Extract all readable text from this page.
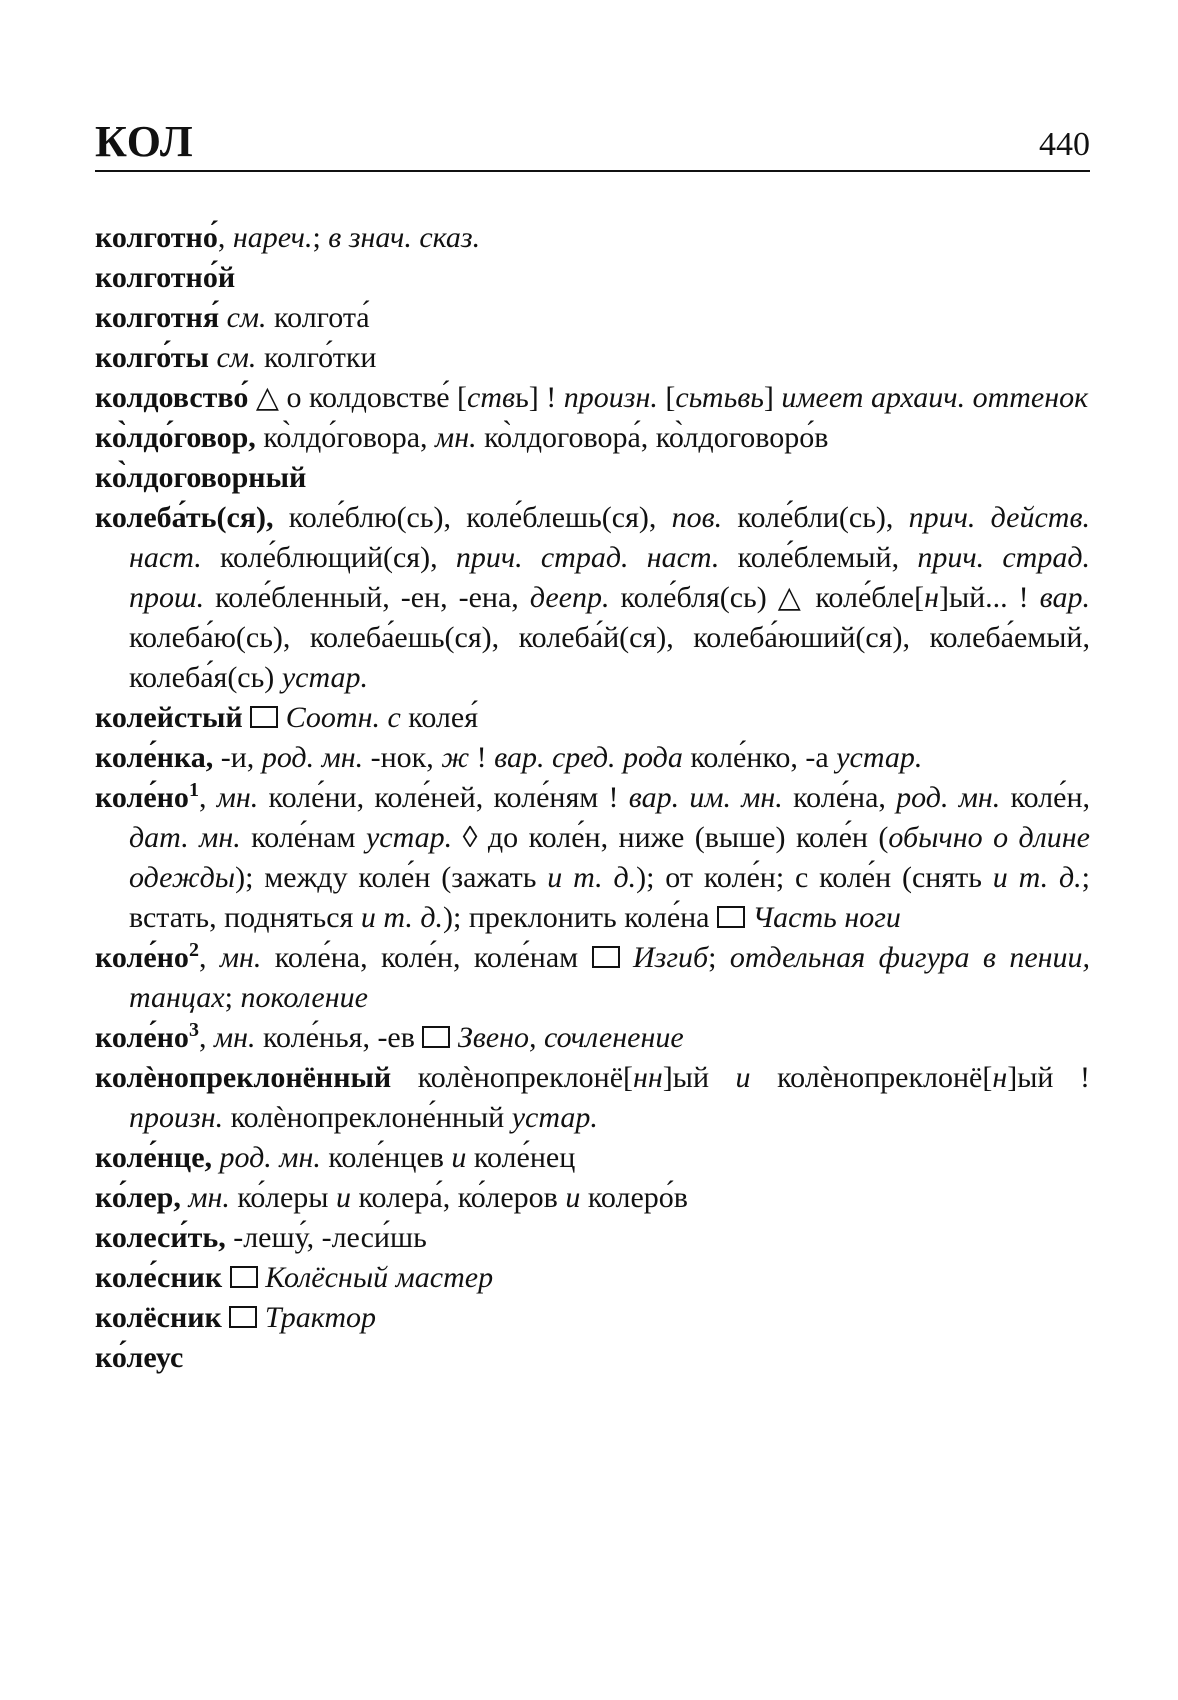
КОЛ	440

колготно́, нареч.; в знач. сказ.

колготно́й

колготня́ см. колгота́

колго́ты см. колго́тки

колдовство́ △ о колдовстве́ [ствь] ! произн. [сьтьвь] имеет архаич. оттенок

ко̀лдо́говор, ко̀лдо́говора, мн. ко̀лдоговора́, ко̀лдоговоро́в

ко̀лдоговорный

колеба́ть(ся), коле́блю(сь), коле́блешь(ся), пов. коле́бли(сь), прич. действ. наст. коле́блющий(ся), прич. страд. наст. коле́блемый, прич. страд. прош. коле́бленный, -ен, -ена, деепр. коле́бля(сь) △ коле́бле[н]ый... ! вар. колеба́ю(сь), колеба́ешь(ся), колеба́й(ся), колеба́юший(ся), колеба́емый, колеба́я(сь) устар.

колейстый Соотн. с колея́

коле́нка, -и, род. мн. -нок, ж ! вар. сред. рода коле́нко, -а устар.

$коле́но^1$, мн. коле́ни, коле́ней, коле́ням ! вар. им. мн. коле́на, род. мн. коле́н, дат. мн. коле́нам устар. ◊ до коле́н, ниже (выше) коле́н (обычно о длине одежды); между коле́н (зажать и т. д.); от коле́н; с коле́н (снять и т. д.; встать, подняться и т. д.); преклонить коле́на  Часть ноги

$коле́но^2$, мн. коле́на, коле́н, коле́нам  Изгиб; отдельная фигура в пении, танцах; поколение

$коле́но^3$, мн. коле́нья, -ев  Звено, сочленение

колѐнопреклонённый колѐнопреклонё[нн]ый и колѐнопреклонё[н]ый ! произн. колѐнопреклоне́нный устар.

коле́нце, род. мн. коле́нцев и коле́нец

ко́лер, мн. ко́леры и колера́, ко́леров и колеро́в

колеси́ть, -лешу́, -леси́шь

коле́сник Колёсный мастер

колёсник Трактор

ко́леус
